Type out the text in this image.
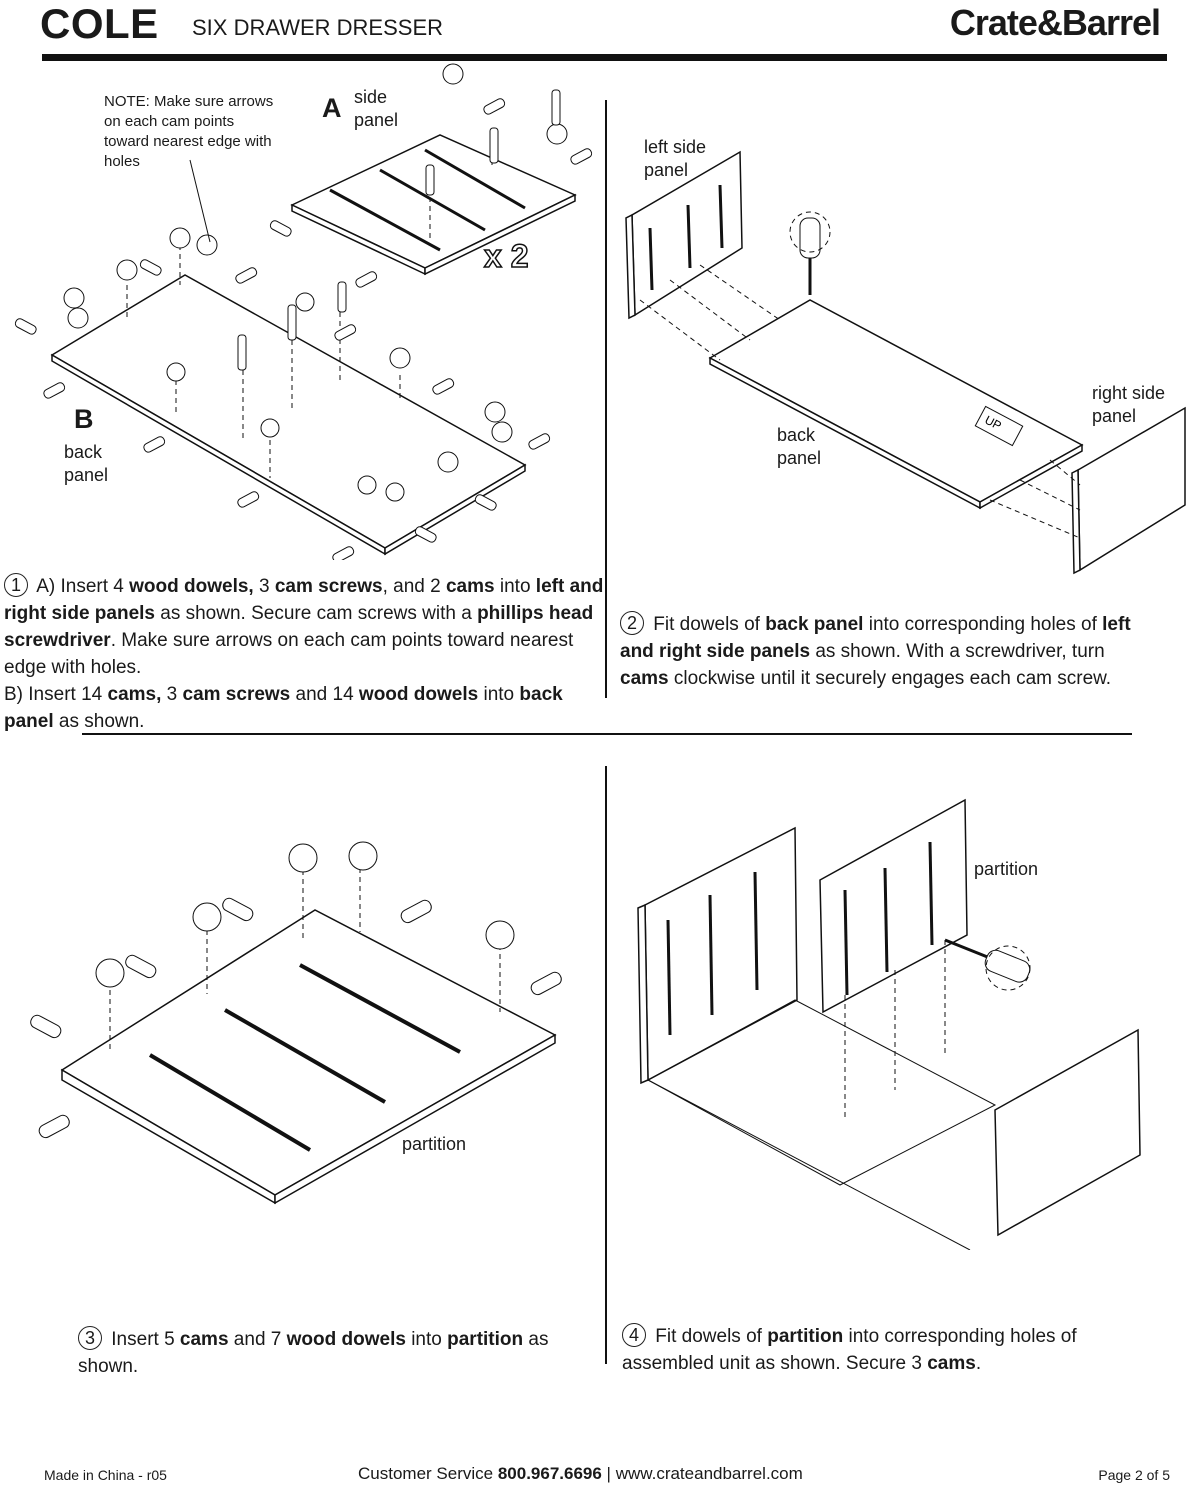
COLE SIX DRAWER DRESSER	Crate&Barrel
NOTE: Make sure arrows on each cam points toward nearest edge with holes
A side panel
x 2
B
back panel
1 A) Insert 4 wood dowels, 3 cam screws, and 2 cams into left and right side panels as shown. Secure cam screws with a phillips head screwdriver. Make sure arrows on each cam points toward nearest edge with holes.
B) Insert 14 cams, 3 cam screws and 14 wood dowels into back panel as shown.
UP
left side panel
back panel
right side panel
2 Fit dowels of back panel into corresponding holes of left and right side panels as shown. With a screwdriver, turn cams clockwise until it securely engages each cam screw.
partition
3 Insert 5 cams and 7 wood dowels into partition as shown.
partition
4 Fit dowels of partition into corresponding holes of assembled unit as shown. Secure 3 cams.
Made in China - r05	Customer Service 800.967.6696 | www.crateandbarrel.com	Page 2 of 5
